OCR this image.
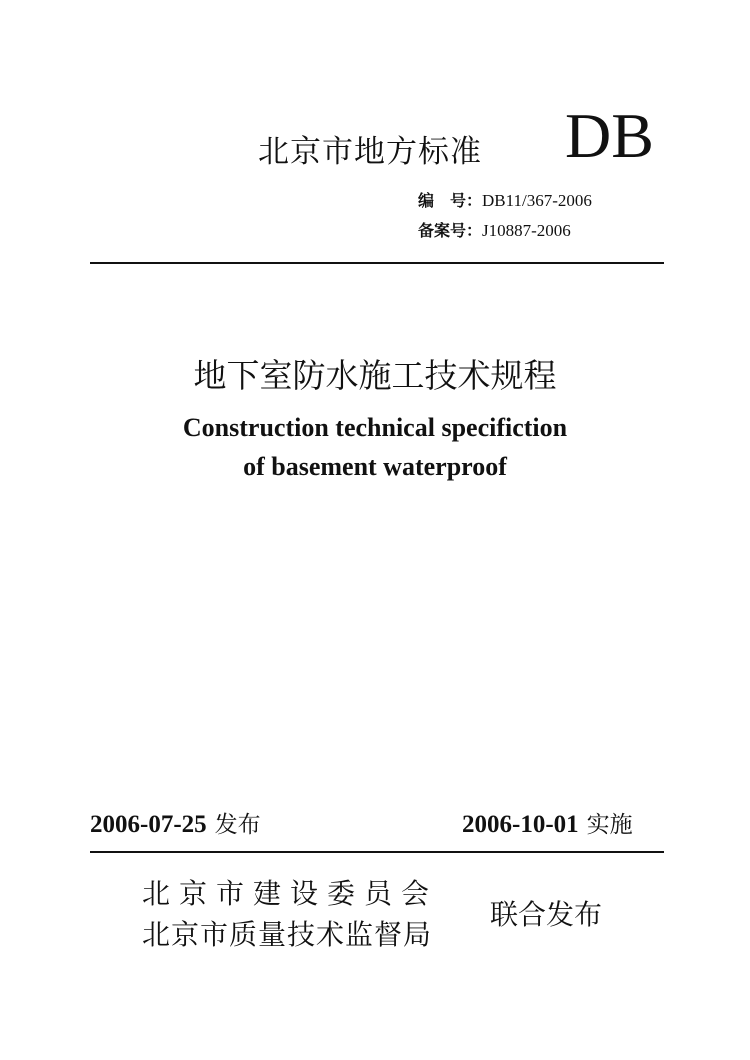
北京市地方标准 DB
编　号：DB11/367-2006
备案号：J10887-2006
地下室防水施工技术规程
Construction technical specifiction
of basement waterproof
2006-07-25 发布	2006-10-01 实施
北京市建设委员会
北京市质量技术监督局
联合发布
